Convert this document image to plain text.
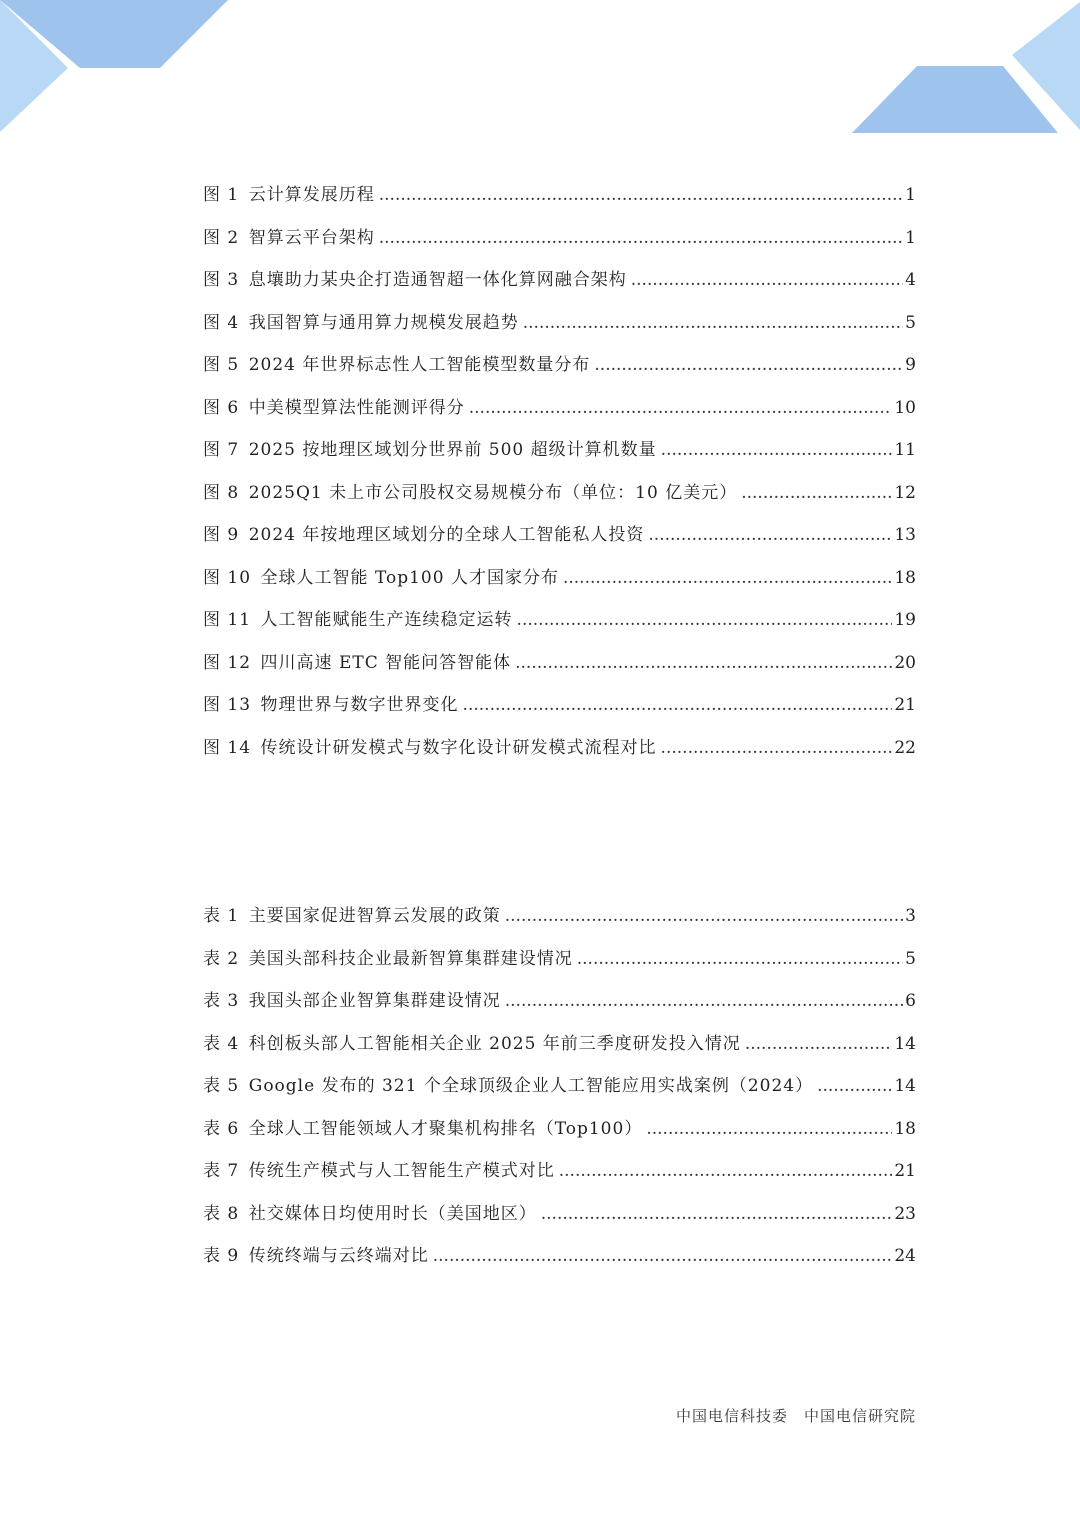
图 1  云计算发展历程 .....	1
图 2  智算云平台架构 .....	1
图 3  息壤助力某央企打造通智超一体化算网融合架构 .....	4
图 4  我国智算与通用算力规模发展趋势 .....	5
图 5  2024 年世界标志性人工智能模型数量分布 .....	9
图 6  中美模型算法性能测评得分 .....	10
图 7  2025 按地理区域划分世界前 500 超级计算机数量 .....	11
图 8  2025Q1 未上市公司股权交易规模分布（单位：10 亿美元） .....	12
图 9  2024 年按地理区域划分的全球人工智能私人投资 .....	13
图 10  全球人工智能 Top100 人才国家分布 .....	18
图 11  人工智能赋能生产连续稳定运转 .....	19
图 12  四川高速 ETC 智能问答智能体 .....	20
图 13  物理世界与数字世界变化 .....	21
图 14  传统设计研发模式与数字化设计研发模式流程对比 .....	22
表 1  主要国家促进智算云发展的政策 .....	3
表 2  美国头部科技企业最新智算集群建设情况 .....	5
表 3  我国头部企业智算集群建设情况 .....	6
表 4  科创板头部人工智能相关企业 2025 年前三季度研发投入情况 .....	14
表 5  Google 发布的 321 个全球顶级企业人工智能应用实战案例（2024） .....	14
表 6  全球人工智能领域人才聚集机构排名（Top100） .....	18
表 7  传统生产模式与人工智能生产模式对比 .....	21
表 8  社交媒体日均使用时长（美国地区） .....	23
表 9  传统终端与云终端对比 .....	24
中国电信科技委　中国电信研究院
